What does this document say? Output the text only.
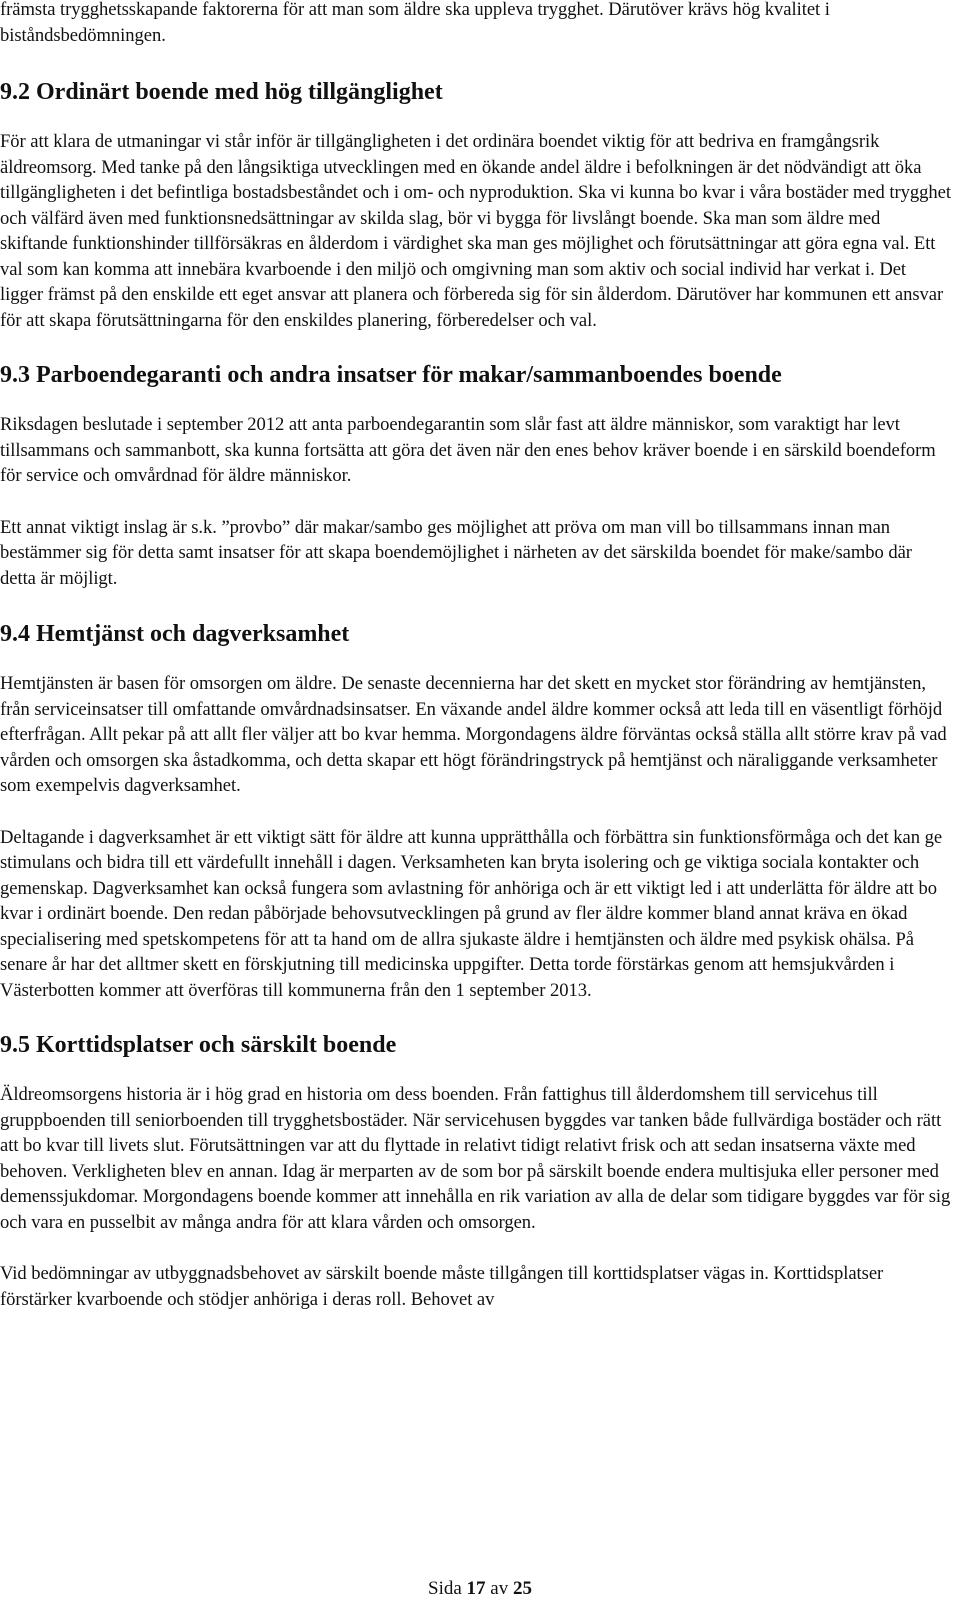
främsta trygghetsskapande faktorerna för att man som äldre ska uppleva trygghet. Därutöver krävs hög kvalitet i biståndsbedömningen.

9.2 Ordinärt boende med hög tillgänglighet

För att klara de utmaningar vi står inför är tillgängligheten i det ordinära boendet viktig för att bedriva en framgångsrik äldreomsorg. Med tanke på den långsiktiga utvecklingen med en ökande andel äldre i befolkningen är det nödvändigt att öka tillgängligheten i det befintliga bostadsbeståndet och i om- och nyproduktion. Ska vi kunna bo kvar i våra bostäder med trygghet och välfärd även med funktionsnedsättningar av skilda slag, bör vi bygga för livslångt boende. Ska man som äldre med skiftande funktionshinder tillförsäkras en ålderdom i värdighet ska man ges möjlighet och förutsättningar att göra egna val. Ett val som kan komma att innebära kvarboende i den miljö och omgivning man som aktiv och social individ har verkat i. Det ligger främst på den enskilde ett eget ansvar att planera och förbereda sig för sin ålderdom. Därutöver har kommunen ett ansvar för att skapa förutsättningarna för den enskildes planering, förberedelser och val.

9.3 Parboendegaranti och andra insatser för makar/sammanboendes boende

Riksdagen beslutade i september 2012 att anta parboendegarantin som slår fast att äldre människor, som varaktigt har levt tillsammans och sammanbott, ska kunna fortsätta att göra det även när den enes behov kräver boende i en särskild boendeform för service och omvårdnad för äldre människor.

Ett annat viktigt inslag är s.k. ”provbo” där makar/sambo ges möjlighet att pröva om man vill bo tillsammans innan man bestämmer sig för detta samt insatser för att skapa boendemöjlighet i närheten av det särskilda boendet för make/sambo där detta är möjligt.

9.4 Hemtjänst och dagverksamhet

Hemtjänsten är basen för omsorgen om äldre. De senaste decennierna har det skett en mycket stor förändring av hemtjänsten, från serviceinsatser till omfattande omvårdnadsinsatser. En växande andel äldre kommer också att leda till en väsentligt förhöjd efterfrågan. Allt pekar på att allt fler väljer att bo kvar hemma. Morgondagens äldre förväntas också ställa allt större krav på vad vården och omsorgen ska åstadkomma, och detta skapar ett högt förändringstryck på hemtjänst och näraliggande verksamheter som exempelvis dagverksamhet.

Deltagande i dagverksamhet är ett viktigt sätt för äldre att kunna upprätthålla och förbättra sin funktionsförmåga och det kan ge stimulans och bidra till ett värdefullt innehåll i dagen. Verksamheten kan bryta isolering och ge viktiga sociala kontakter och gemenskap. Dagverksamhet kan också fungera som avlastning för anhöriga och är ett viktigt led i att underlätta för äldre att bo kvar i ordinärt boende. Den redan påbörjade behovsutvecklingen på grund av fler äldre kommer bland annat kräva en ökad specialisering med spetskompetens för att ta hand om de allra sjukaste äldre i hemtjänsten och äldre med psykisk ohälsa. På senare år har det alltmer skett en förskjutning till medicinska uppgifter. Detta torde förstärkas genom att hemsjukvården i Västerbotten kommer att överföras till kommunerna från den 1 september 2013.

9.5 Korttidsplatser och särskilt boende

Äldreomsorgens historia är i hög grad en historia om dess boenden. Från fattighus till ålderdomshem till servicehus till gruppboenden till seniorboenden till trygghetsbostäder. När servicehusen byggdes var tanken både fullvärdiga bostäder och rätt att bo kvar till livets slut. Förutsättningen var att du flyttade in relativt tidigt relativt frisk och att sedan insatserna växte med behoven. Verkligheten blev en annan. Idag är merparten av de som bor på särskilt boende endera multisjuka eller personer med demenssjukdomar. Morgondagens boende kommer att innehålla en rik variation av alla de delar som tidigare byggdes var för sig och vara en pusselbit av många andra för att klara vården och omsorgen.

Vid bedömningar av utbyggnadsbehovet av särskilt boende måste tillgången till korttidsplatser vägas in. Korttidsplatser förstärker kvarboende och stödjer anhöriga i deras roll. Behovet av

Sida 17 av 25
